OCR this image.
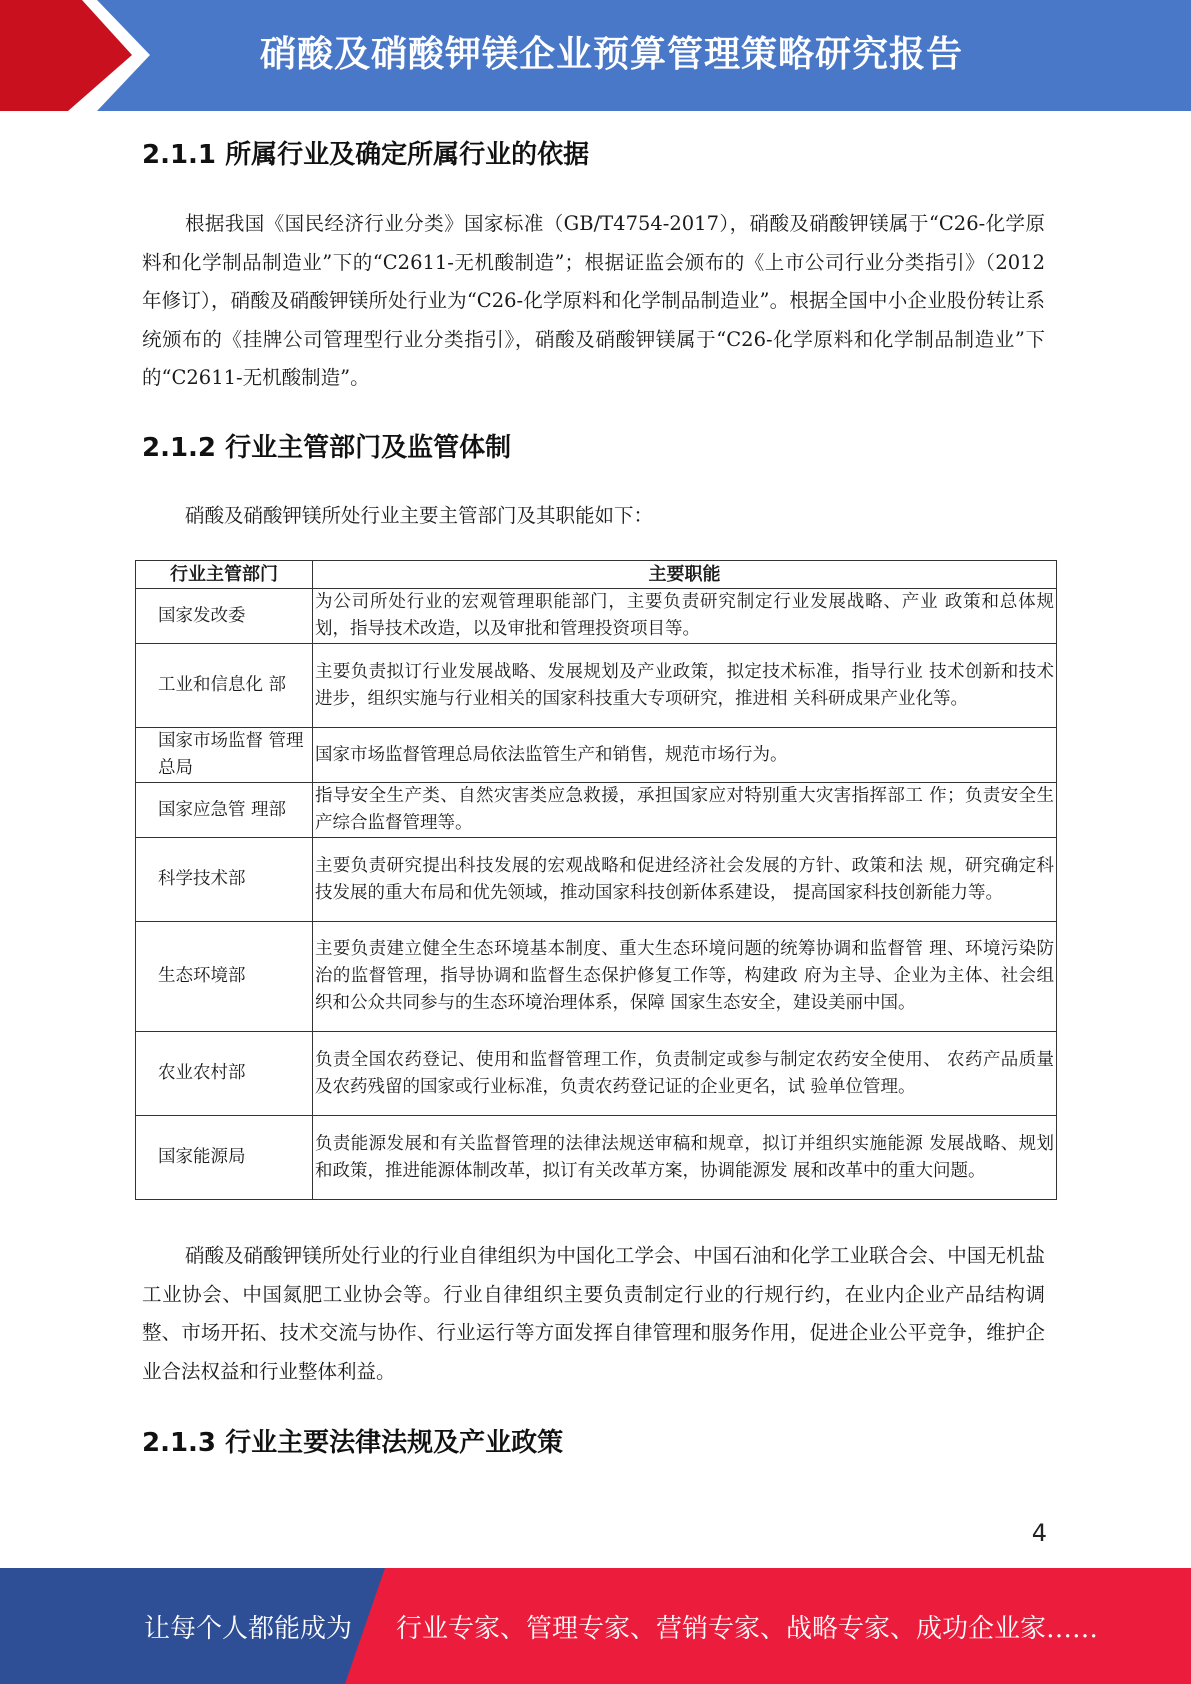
硝酸及硝酸钾镁企业预算管理策略研究报告
2.1.1 所属行业及确定所属行业的依据
根据我国《国民经济行业分类》国家标准（GB/T4754-2017），硝酸及硝酸钾镁属于“C26-化学原料和化学制品制造业”下的“C2611-无机酸制造”；根据证监会颁布的《上市公司行业分类指引》（2012 年修订），硝酸及硝酸钾镁所处行业为“C26-化学原料和化学制品制造业”。根据全国中小企业股份转让系统颁布的《挂牌公司管理型行业分类指引》，硝酸及硝酸钾镁属于“C26-化学原料和化学制品制造业”下的“C2611-无机酸制造”。
2.1.2 行业主管部门及监管体制
硝酸及硝酸钾镁所处行业主要主管部门及其职能如下：
行业主管部门	主要职能
国家发改委	为公司所处行业的宏观管理职能部门，主要负责研究制定行业发展战略、产业 政策和总体规划，指导技术改造，以及审批和管理投资项目等。
工业和信息化 部	主要负责拟订行业发展战略、发展规划及产业政策，拟定技术标准，指导行业 技术创新和技术进步，组织实施与行业相关的国家科技重大专项研究，推进相 关科研成果产业化等。
国家市场监督 管理总局	国家市场监督管理总局依法监管生产和销售，规范市场行为。
国家应急管 理部	指导安全生产类、自然灾害类应急救援，承担国家应对特别重大灾害指挥部工 作；负责安全生产综合监督管理等。
科学技术部	主要负责研究提出科技发展的宏观战略和促进经济社会发展的方针、政策和法 规，研究确定科技发展的重大布局和优先领域，推动国家科技创新体系建设， 提高国家科技创新能力等。
生态环境部	主要负责建立健全生态环境基本制度、重大生态环境问题的统筹协调和监督管 理、环境污染防治的监督管理，指导协调和监督生态保护修复工作等，构建政 府为主导、企业为主体、社会组织和公众共同参与的生态环境治理体系，保障 国家生态安全，建设美丽中国。
农业农村部	负责全国农药登记、使用和监督管理工作，负责制定或参与制定农药安全使用、 农药产品质量及农药残留的国家或行业标准，负责农药登记证的企业更名，试 验单位管理。
国家能源局	负责能源发展和有关监督管理的法律法规送审稿和规章，拟订并组织实施能源 发展战略、规划和政策，推进能源体制改革，拟订有关改革方案，协调能源发 展和改革中的重大问题。
硝酸及硝酸钾镁所处行业的行业自律组织为中国化工学会、中国石油和化学工业联合会、中国无机盐工业协会、中国氮肥工业协会等。行业自律组织主要负责制定行业的行规行约，在业内企业产品结构调整、市场开拓、技术交流与协作、行业运行等方面发挥自律管理和服务作用，促进企业公平竞争，维护企业合法权益和行业整体利益。
2.1.3 行业主要法律法规及产业政策
4
让每个人都能成为 行业专家、管理专家、营销专家、战略专家、成功企业家……
